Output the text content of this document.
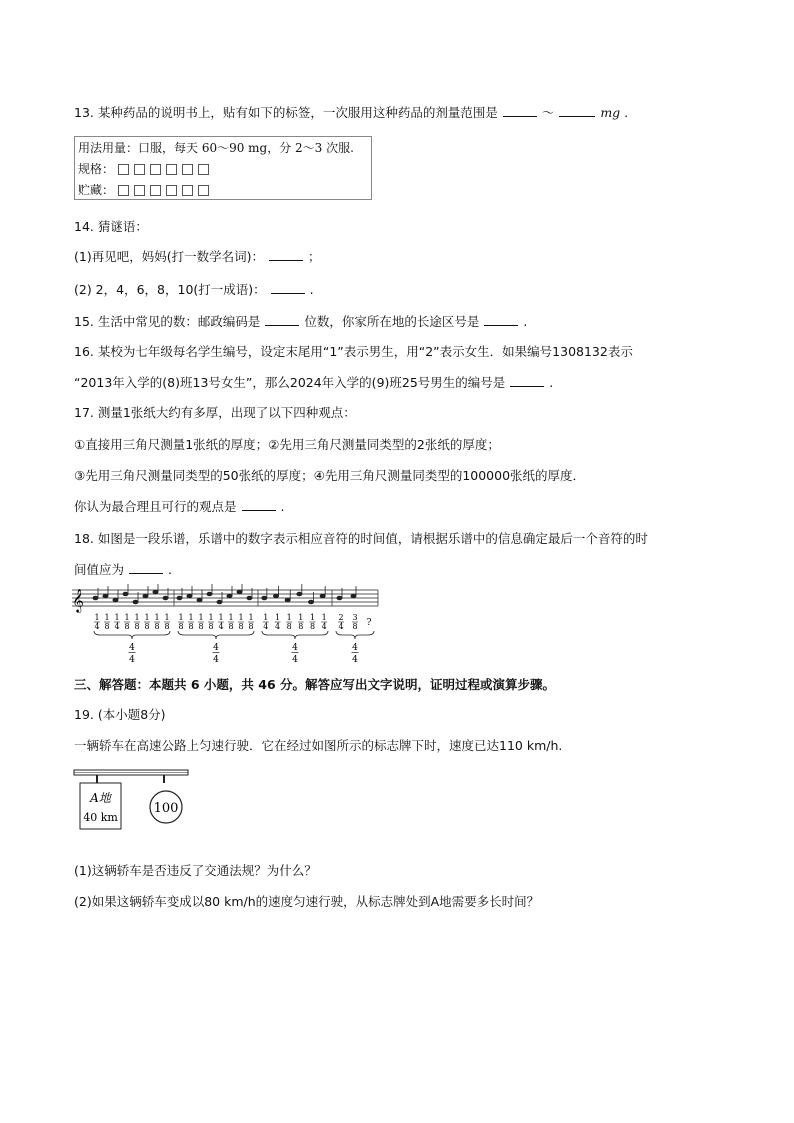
13. 某种药品的说明书上，贴有如下的标签，一次服用这种药品的剂量范围是	～	mg .
用法用量：口服，每天 60～90 mg，分 2～3 次服.
规格：
贮藏：
14. 猜谜语：
(1)再见吧，妈妈(打一数学名词)：	；
(2) 2，4，6，8，10(打一成语)：	.
15. 生活中常见的数：邮政编码是	位数，你家所在地的长途区号是	.
16. 某校为七年级每名学生编号，设定末尾用“1”表示男生，用“2”表示女生．如果编号1308132表示
“2013年入学的(8)班13号女生”，那么2024年入学的(9)班25号男生的编号是	.
17. 测量1张纸大约有多厚，出现了以下四种观点：
①直接用三角尺测量1张纸的厚度；②先用三角尺测量同类型的2张纸的厚度；
③先用三角尺测量同类型的50张纸的厚度；④先用三角尺测量同类型的100000张纸的厚度．
你认为最合理且可行的观点是	.
18. 如图是一段乐谱，乐谱中的数字表示相应音符的时间值，请根据乐谱中的信息确定最后一个音符的时
间值应为	.
𝄞
1
4
1
8
1
4
1
8
1
8
1
8
1
8
1
8
1
8
1
8
1
8
1
8
1
4
1
8
1
8
1
8
1
4
1
4
1
8
1
8
1
8
1
4
2
4
3
8 ?
4
4
4
4
4
4
4
4
三、解答题：本题共 6 小题，共 46 分。解答应写出文字说明，证明过程或演算步骤。
19. (本小题8分)
一辆轿车在高速公路上匀速行驶．它在经过如图所示的标志牌下时，速度已达110 km/h.
A地
40 km
100
(1)这辆轿车是否违反了交通法规？为什么？
(2)如果这辆轿车变成以80 km/h的速度匀速行驶，从标志牌处到A地需要多长时间？
